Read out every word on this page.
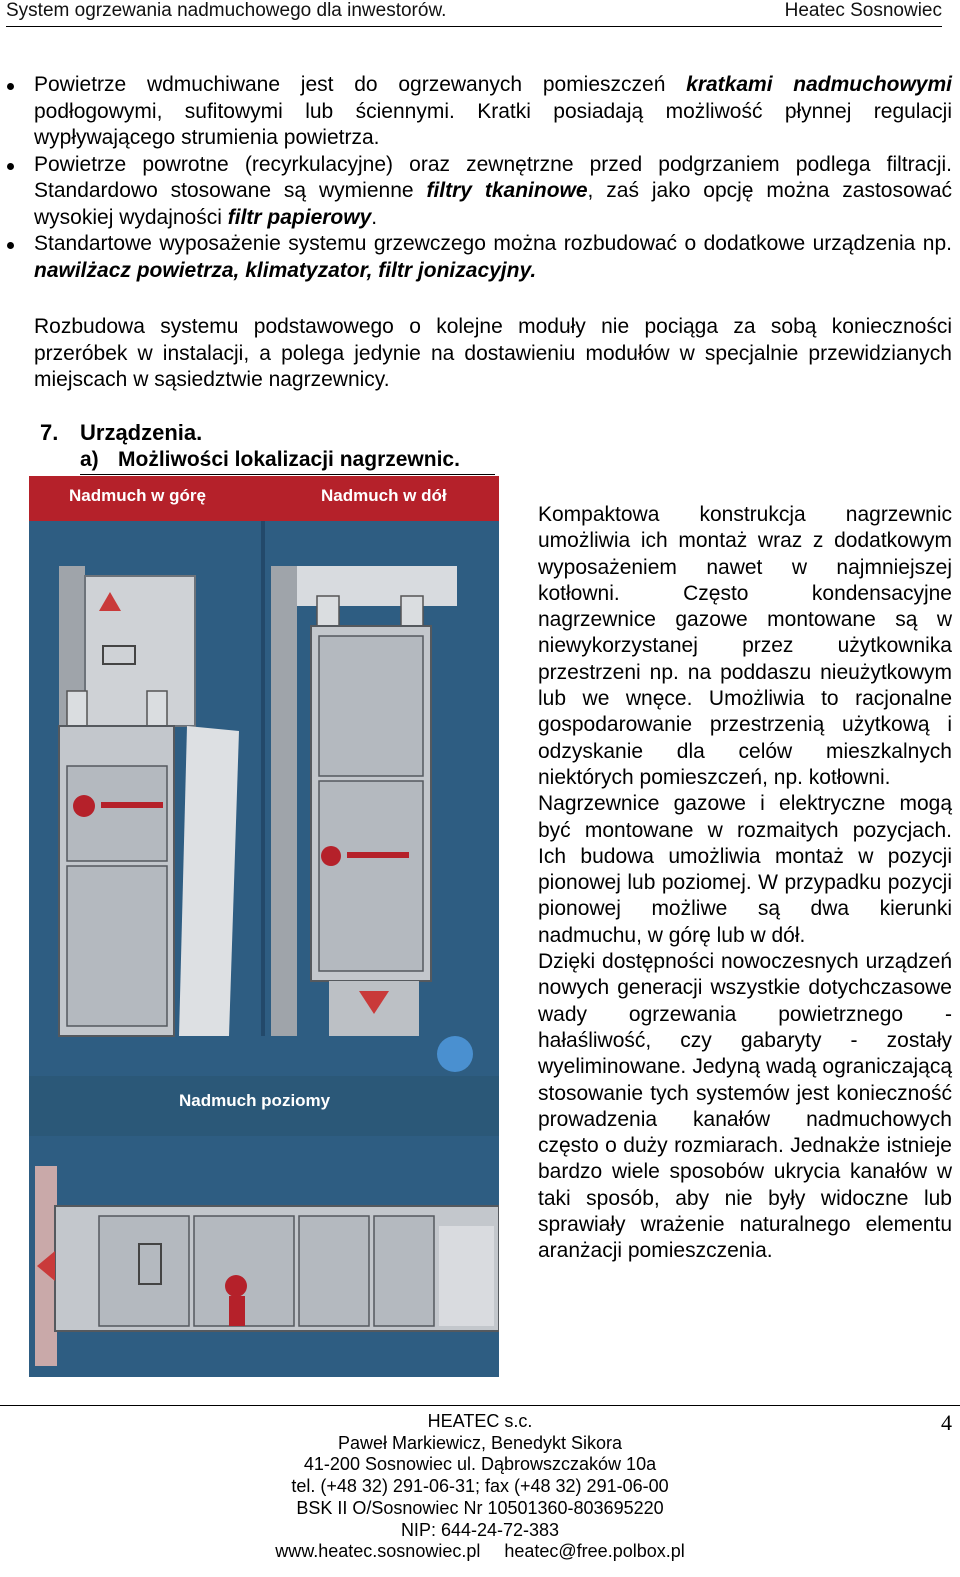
System ogrzewania nadmuchowego dla inwestorów.	Heatec Sosnowiec
Powietrze wdmuchiwane jest do ogrzewanych pomieszczeń kratkami nadmuchowymi podłogowymi, sufitowymi lub ściennymi. Kratki posiadają możliwość płynnej regulacji wypływającego strumienia powietrza.
Powietrze powrotne (recyrkulacyjne) oraz zewnętrzne przed podgrzaniem podlega filtracji. Standardowo stosowane są wymienne filtry tkaninowe, zaś jako opcję można zastosować wysokiej wydajności filtr papierowy.
Standartowe wyposażenie systemu grzewczego można rozbudować o dodatkowe urządzenia np. nawilżacz powietrza, klimatyzator, filtr jonizacyjny.
Rozbudowa systemu podstawowego o kolejne moduły nie pociąga za sobą konieczności przeróbek w instalacji, a polega jedynie na dostawieniu modułów w specjalnie przewidzianych miejscach w sąsiedztwie nagrzewnicy.
7. Urządzenia.
a) Możliwości lokalizacji nagrzewnic.
Nadmuch w górę	Nadmuch w dół
Nadmuch poziomy

Kompaktowa konstrukcja nagrzewnic umożliwia ich montaż wraz z dodatkowym wyposażeniem nawet w najmniejszej kotłowni. Często kondensacyjne nagrzewnice gazowe montowane są w niewykorzystanej przez użytkownika przestrzeni np. na poddaszu nieużytkowym lub we wnęce. Umożliwia to racjonalne gospodarowanie przestrzenią użytkową i odzyskanie dla celów mieszkalnych niektórych pomieszczeń, np. kotłowni.

Nagrzewnice gazowe i elektryczne mogą być montowane w rozmaitych pozycjach. Ich budowa umożliwia montaż w pozycji pionowej lub poziomej. W przypadku pozycji pionowej możliwe są dwa kierunki nadmuchu, w górę lub w dół.

Dzięki dostępności nowoczesnych urządzeń nowych generacji wszystkie dotychczasowe wady ogrzewania powietrznego -hałaśliwość, czy gabaryty - zostały wyeliminowane. Jedyną wadą ograniczającą stosowanie tych systemów jest konieczność prowadzenia kanałów nadmuchowych często o duży rozmiarach. Jednakże istnieje bardzo wiele sposobów ukrycia kanałów w taki sposób, aby nie były widoczne lub sprawiały wrażenie naturalnego elementu aranżacji pomieszczenia.

4
HEATEC s.c.
Paweł Markiewicz, Benedykt Sikora
41-200 Sosnowiec ul. Dąbrowszczaków 10a
tel. (+48 32) 291-06-31; fax (+48 32) 291-06-00
BSK II O/Sosnowiec Nr 10501360-803695220
NIP: 644-24-72-383
www.heatec.sosnowiec.pl heatec@free.polbox.pl
